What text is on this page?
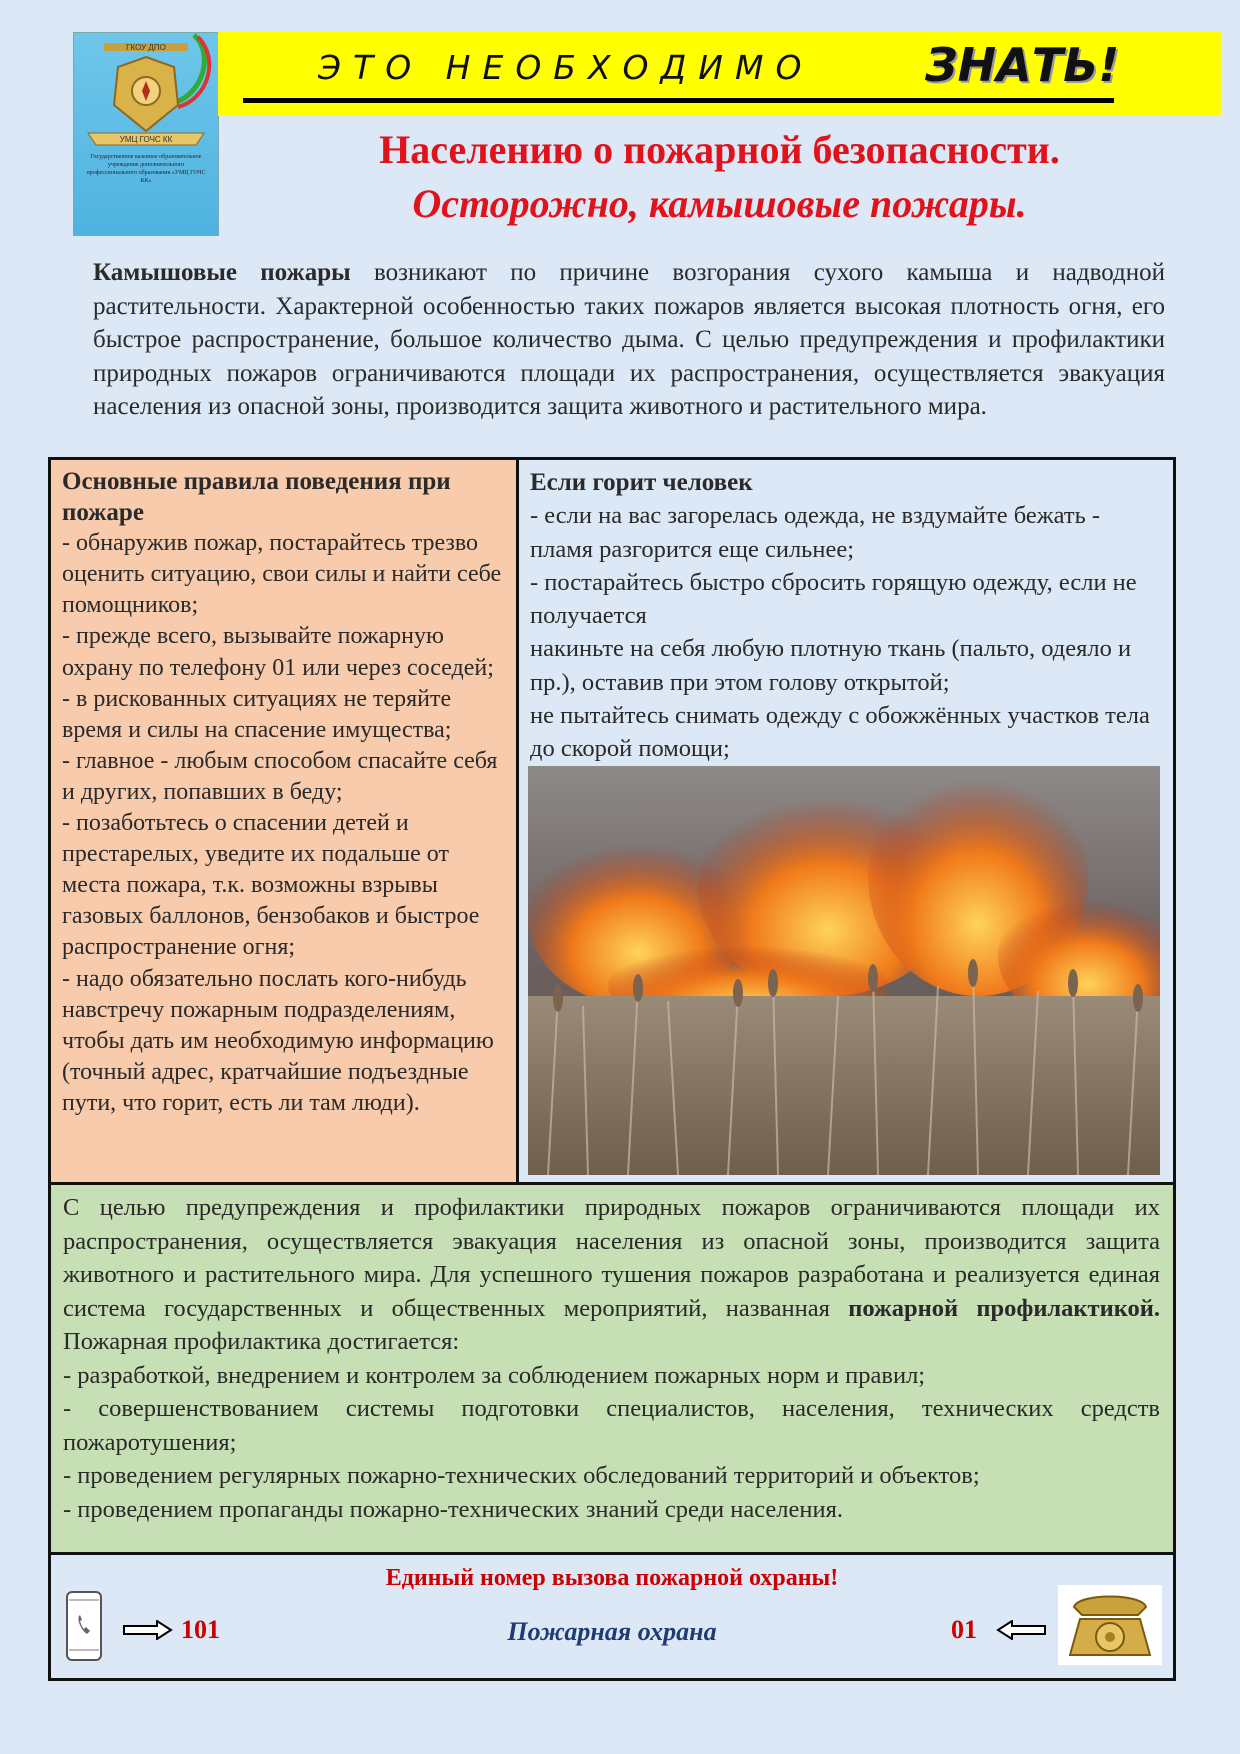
ГКОУ ДПО
УМЦ ГОЧС КК
Государственное казенное образовательное учреждение дополнительного профессионального образования «УМЦ ГОЧС КК»
ЭТО НЕОБХОДИМО ЗНАТЬ!
Населению о пожарной безопасности.
Осторожно, камышовые пожары.
Камышовые пожары возникают по причине возгорания сухого камыша и надводной растительности. Характерной особенностью таких пожаров является высокая плотность огня, его быстрое распространение, большое количество дыма. С целью предупреждения и профилактики природных пожаров ограничиваются площади их распространения, осуществляется эвакуация населения из опасной зоны, производится защита животного и растительного мира.
Основные правила поведения при пожаре

- обнаружив пожар, постарайтесь трезво оценить ситуацию, свои силы и найти себе помощников;

- прежде всего, вызывайте пожарную охрану по телефону 01 или через соседей;

- в рискованных ситуациях не теряйте время и силы на спасение имущества;

- главное - любым способом спасайте себя и других, попавших в беду;

- позаботьтесь о спасении детей и престарелых, уведите их подальше от места пожара, т.к. возможны взрывы газовых баллонов, бензобаков и быстрое распространение огня;

- надо обязательно послать кого-нибудь навстречу пожарным подразделениям, чтобы дать им необходимую информацию (точный адрес, кратчайшие подъездные пути, что горит, есть ли там люди).

Если горит человек

- если на вас загорелась одежда, не вздумайте бежать - пламя разгорится еще сильнее;

- постарайтесь быстро сбросить горящую одежду, если не получается

накиньте на себя любую плотную ткань (пальто, одеяло и пр.), оставив при этом голову открытой;

не пытайтесь снимать одежду с обожжённых участков тела до скорой помощи;

С целью предупреждения и профилактики природных пожаров ограничиваются площади их распространения, осуществляется эвакуация населения из опасной зоны, производится защита животного и растительного мира. Для успешного тушения пожаров разработана и реализуется единая система государственных и общественных мероприятий, названная пожарной профилактикой. Пожарная профилактика достигается:

- разработкой, внедрением и контролем за соблюдением пожарных норм и правил;

- совершенствованием системы подготовки специалистов, населения, технических средств пожаротушения;

- проведением регулярных пожарно-технических обследований территорий и объектов;

- проведением пропаганды пожарно-технических знаний среди населения.

Единый номер вызова пожарной охраны!
101	Пожарная охрана	01
